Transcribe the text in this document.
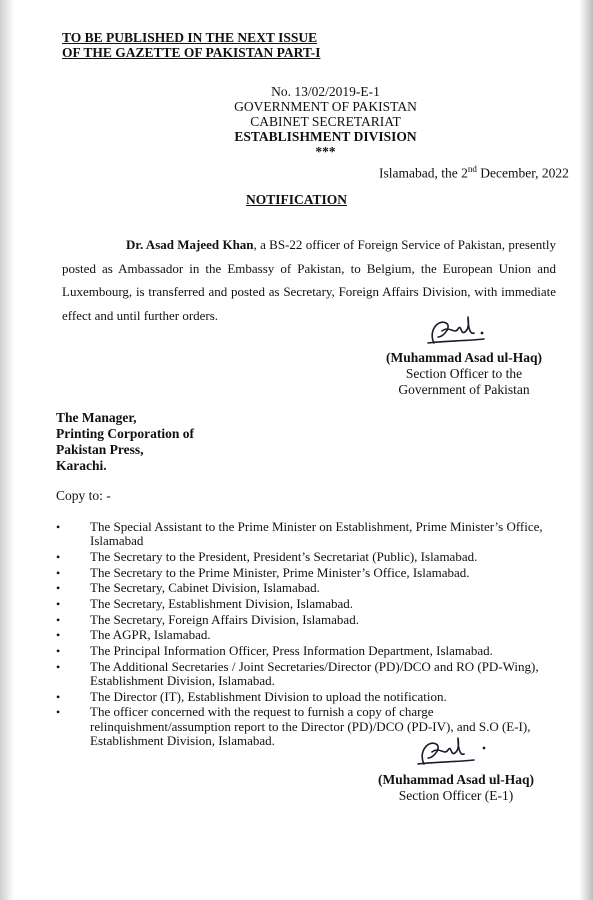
TO BE PUBLISHED IN THE NEXT ISSUE
OF THE GAZETTE OF PAKISTAN PART-I
No. 13/02/2019-E-1
GOVERNMENT OF PAKISTAN
CABINET SECRETARIAT
ESTABLISHMENT DIVISION
***
Islamabad, the 2nd December, 2022
NOTIFICATION
Dr. Asad Majeed Khan, a BS-22 officer of Foreign Service of Pakistan, presently posted as Ambassador in the Embassy of Pakistan, to Belgium, the European Union and Luxembourg, is transferred and posted as Secretary, Foreign Affairs Division, with immediate effect and until further orders.
(Muhammad Asad ul-Haq)
Section Officer to the
Government of Pakistan
The Manager,
Printing Corporation of
Pakistan Press,
Karachi.
Copy to: -
• The Special Assistant to the Prime Minister on Establishment, Prime Minister’s Office, Islamabad
• The Secretary to the President, President’s Secretariat (Public), Islamabad.
• The Secretary to the Prime Minister, Prime Minister’s Office, Islamabad.
• The Secretary, Cabinet Division, Islamabad.
• The Secretary, Establishment Division, Islamabad.
• The Secretary, Foreign Affairs Division, Islamabad.
• The AGPR, Islamabad.
• The Principal Information Officer, Press Information Department, Islamabad.
• The Additional Secretaries / Joint Secretaries/Director (PD)/DCO and RO (PD-Wing), Establishment Division, Islamabad.
• The Director (IT), Establishment Division to upload the notification.
• The officer concerned with the request to furnish a copy of charge relinquishment/assumption report to the Director (PD)/DCO (PD-IV), and S.O (E-I), Establishment Division, Islamabad.
(Muhammad Asad ul-Haq)
Section Officer (E-1)
